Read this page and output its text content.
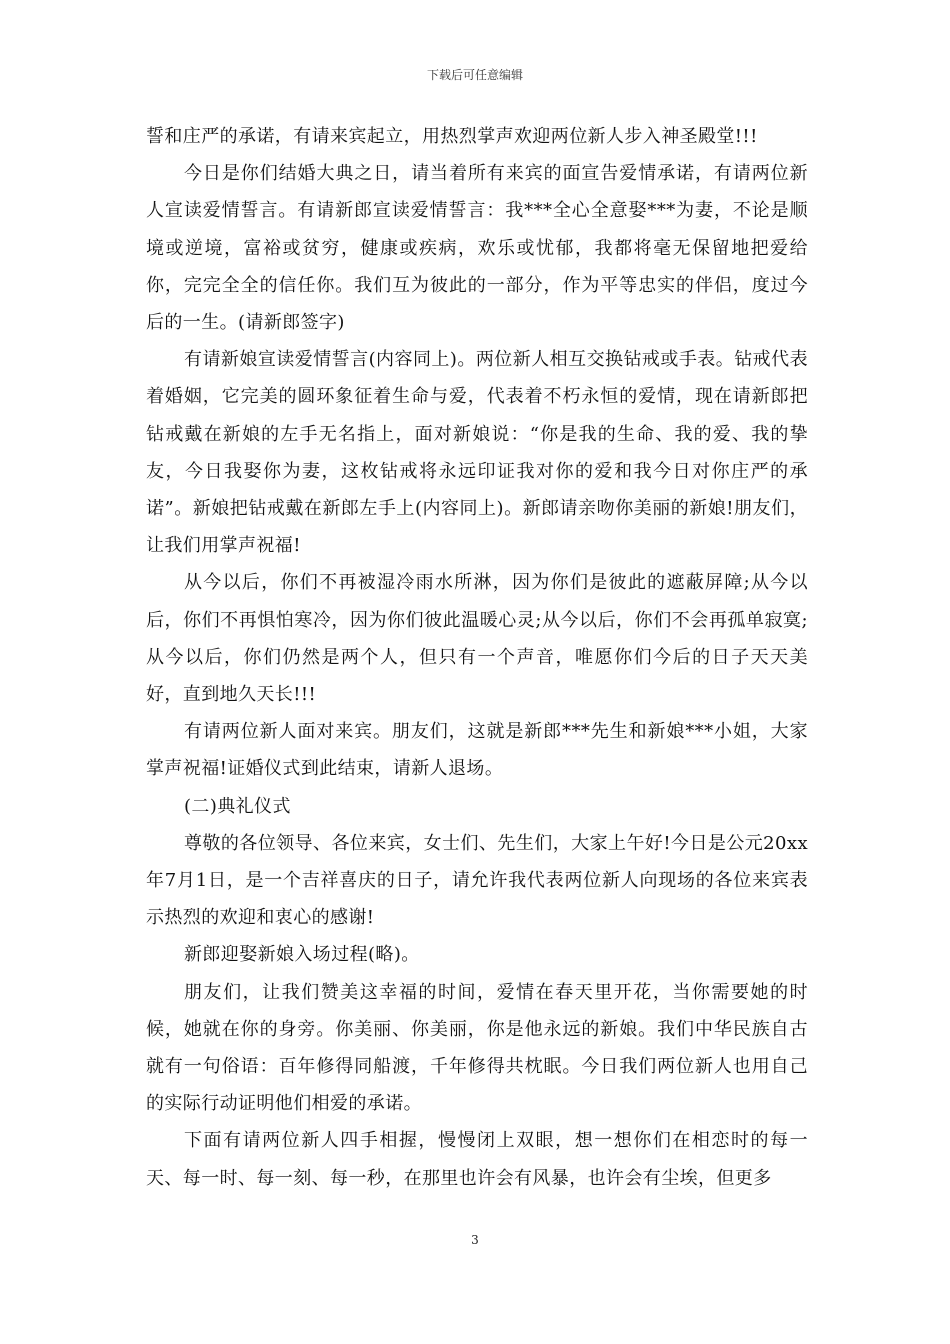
下载后可任意编辑

誓和庄严的承诺，有请来宾起立，用热烈掌声欢迎两位新人步入神圣殿堂!!!

今日是你们结婚大典之日，请当着所有来宾的面宣告爱情承诺，有请两位新人宣读爱情誓言。有请新郎宣读爱情誓言：我***全心全意娶***为妻，不论是顺境或逆境，富裕或贫穷，健康或疾病，欢乐或忧郁，我都将毫无保留地把爱给你，完完全全的信任你。我们互为彼此的一部分，作为平等忠实的伴侣，度过今后的一生。(请新郎签字)

有请新娘宣读爱情誓言(内容同上)。两位新人相互交换钻戒或手表。钻戒代表着婚姻，它完美的圆环象征着生命与爱，代表着不朽永恒的爱情，现在请新郎把钻戒戴在新娘的左手无名指上，面对新娘说：“你是我的生命、我的爱、我的挚友，今日我娶你为妻，这枚钻戒将永远印证我对你的爱和我今日对你庄严的承诺”。新娘把钻戒戴在新郎左手上(内容同上)。新郎请亲吻你美丽的新娘!朋友们，让我们用掌声祝福!

从今以后，你们不再被湿冷雨水所淋，因为你们是彼此的遮蔽屏障;从今以后，你们不再惧怕寒冷，因为你们彼此温暖心灵;从今以后，你们不会再孤单寂寞;从今以后，你们仍然是两个人，但只有一个声音，唯愿你们今后的日子天天美好，直到地久天长!!!

有请两位新人面对来宾。朋友们，这就是新郎***先生和新娘***小姐，大家掌声祝福!证婚仪式到此结束，请新人退场。

(二)典礼仪式

尊敬的各位领导、各位来宾，女士们、先生们，大家上午好!今日是公元20xx年7月1日，是一个吉祥喜庆的日子，请允许我代表两位新人向现场的各位来宾表示热烈的欢迎和衷心的感谢!

新郎迎娶新娘入场过程(略)。

朋友们，让我们赞美这幸福的时间，爱情在春天里开花，当你需要她的时候，她就在你的身旁。你美丽、你美丽，你是他永远的新娘。我们中华民族自古就有一句俗语：百年修得同船渡，千年修得共枕眠。今日我们两位新人也用自己的实际行动证明他们相爱的承诺。

下面有请两位新人四手相握，慢慢闭上双眼，想一想你们在相恋时的每一天、每一时、每一刻、每一秒，在那里也许会有风暴，也许会有尘埃，但更多

3
